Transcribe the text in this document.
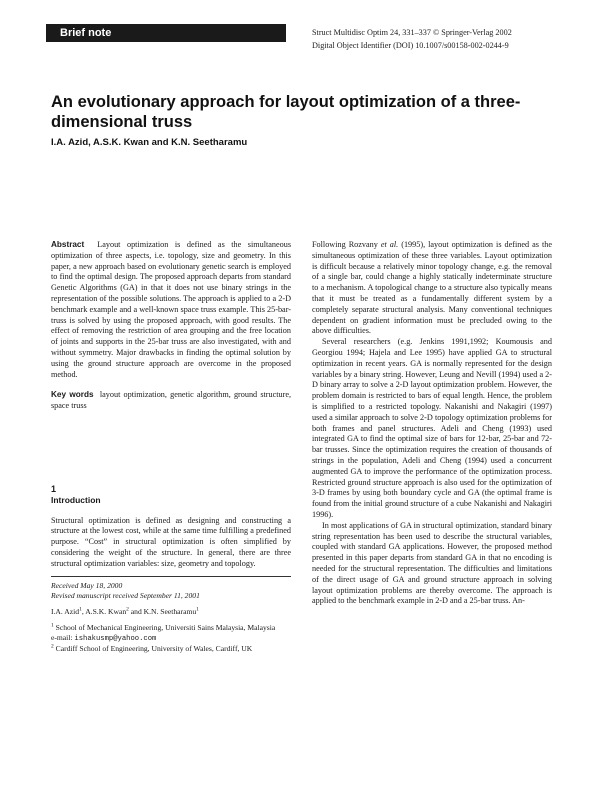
Brief note	Struct Multidisc Optim 24, 331–337 © Springer-Verlag 2002
Digital Object Identifier (DOI) 10.1007/s00158-002-0244-9
An evolutionary approach for layout optimization of a three-dimensional truss
I.A. Azid, A.S.K. Kwan and K.N. Seetharamu

Abstract Layout optimization is defined as the simultaneous optimization of three aspects, i.e. topology, size and geometry. In this paper, a new approach based on evolutionary genetic search is employed to find the optimal design. The proposed approach departs from standard Genetic Algorithms (GA) in that it does not use binary strings in the representation of the possible solutions. The approach is applied to a 2-D benchmark example and a well-known space truss example. This 25-bar-truss is solved by using the proposed approach, with good results. The effect of removing the restriction of area grouping and the free location of joints and supports in the 25-bar truss are also investigated, with and without symmetry. Major drawbacks in finding the optimal solution by using the ground structure approach are overcome in the proposed method.

Key words layout optimization, genetic algorithm, ground structure, space truss

1
Introduction

Structural optimization is defined as designing and constructing a structure at the lowest cost, while at the same time fulfilling a predefined purpose. “Cost” in structural optimization is often simplified by considering the weight of the structure. In general, there are three structural optimization variables: size, geometry and topology.

Received May 18, 2000
Revised manuscript received September 11, 2001
I.A. Azid$^1$, A.S.K. Kwan$^2$ and K.N. Seetharamu$^1$
$^1$ School of Mechanical Engineering, Universiti Sains Malaysia, Malaysia
e-mail: ishakusmp@yahoo.com
$^2$ Cardiff School of Engineering, University of Wales, Cardiff, UK

Following Rozvany et al. (1995), layout optimization is defined as the simultaneous optimization of these three variables. Layout optimization is difficult because a relatively minor topology change, e.g. the removal of a single bar, could change a highly statically indeterminate structure to a mechanism. A topological change to a structure also typically means that it must be treated as a fundamentally different system by a completely separate structural analysis. Many conventional techniques dependent on gradient information must be precluded owing to the above difficulties.

Several researchers (e.g. Jenkins 1991,1992; Koumousis and Georgiou 1994; Hajela and Lee 1995) have applied GA to structural optimization in recent years. GA is normally represented for the design variables by a binary string. However, Leung and Nevill (1994) used a 2-D binary array to solve a 2-D layout optimization problem. However, the problem domain is restricted to bars of equal length. Hence, the problem is simplified to a restricted topology. Nakanishi and Nakagiri (1997) used a similar approach to solve 2-D topology optimization problems for both frames and panel structures. Adeli and Cheng (1993) used integrated GA to find the optimal size of bars for 12-bar, 25-bar and 72-bar trusses. Since the optimization requires the creation of thousands of strings in the population, Adeli and Cheng (1994) used a concurrent augmented GA to improve the performance of the optimization process. Restricted ground structure approach is also used for the optimization of 3-D frames by using both boundary cycle and GA (the optimal frame is found from the initial ground structure of a cube Nakanishi and Nakagiri 1996).

In most applications of GA in structural optimization, standard binary string representation has been used to describe the structural variables, coupled with standard GA applications. However, the proposed method presented in this paper departs from standard GA in that no encoding is needed for the structural representation. The difficulties and limitations of the direct usage of GA and ground structure approach in solving layout optimization problems are thereby overcome. The approach is applied to the benchmark example in 2-D and a 25-bar truss. An-
